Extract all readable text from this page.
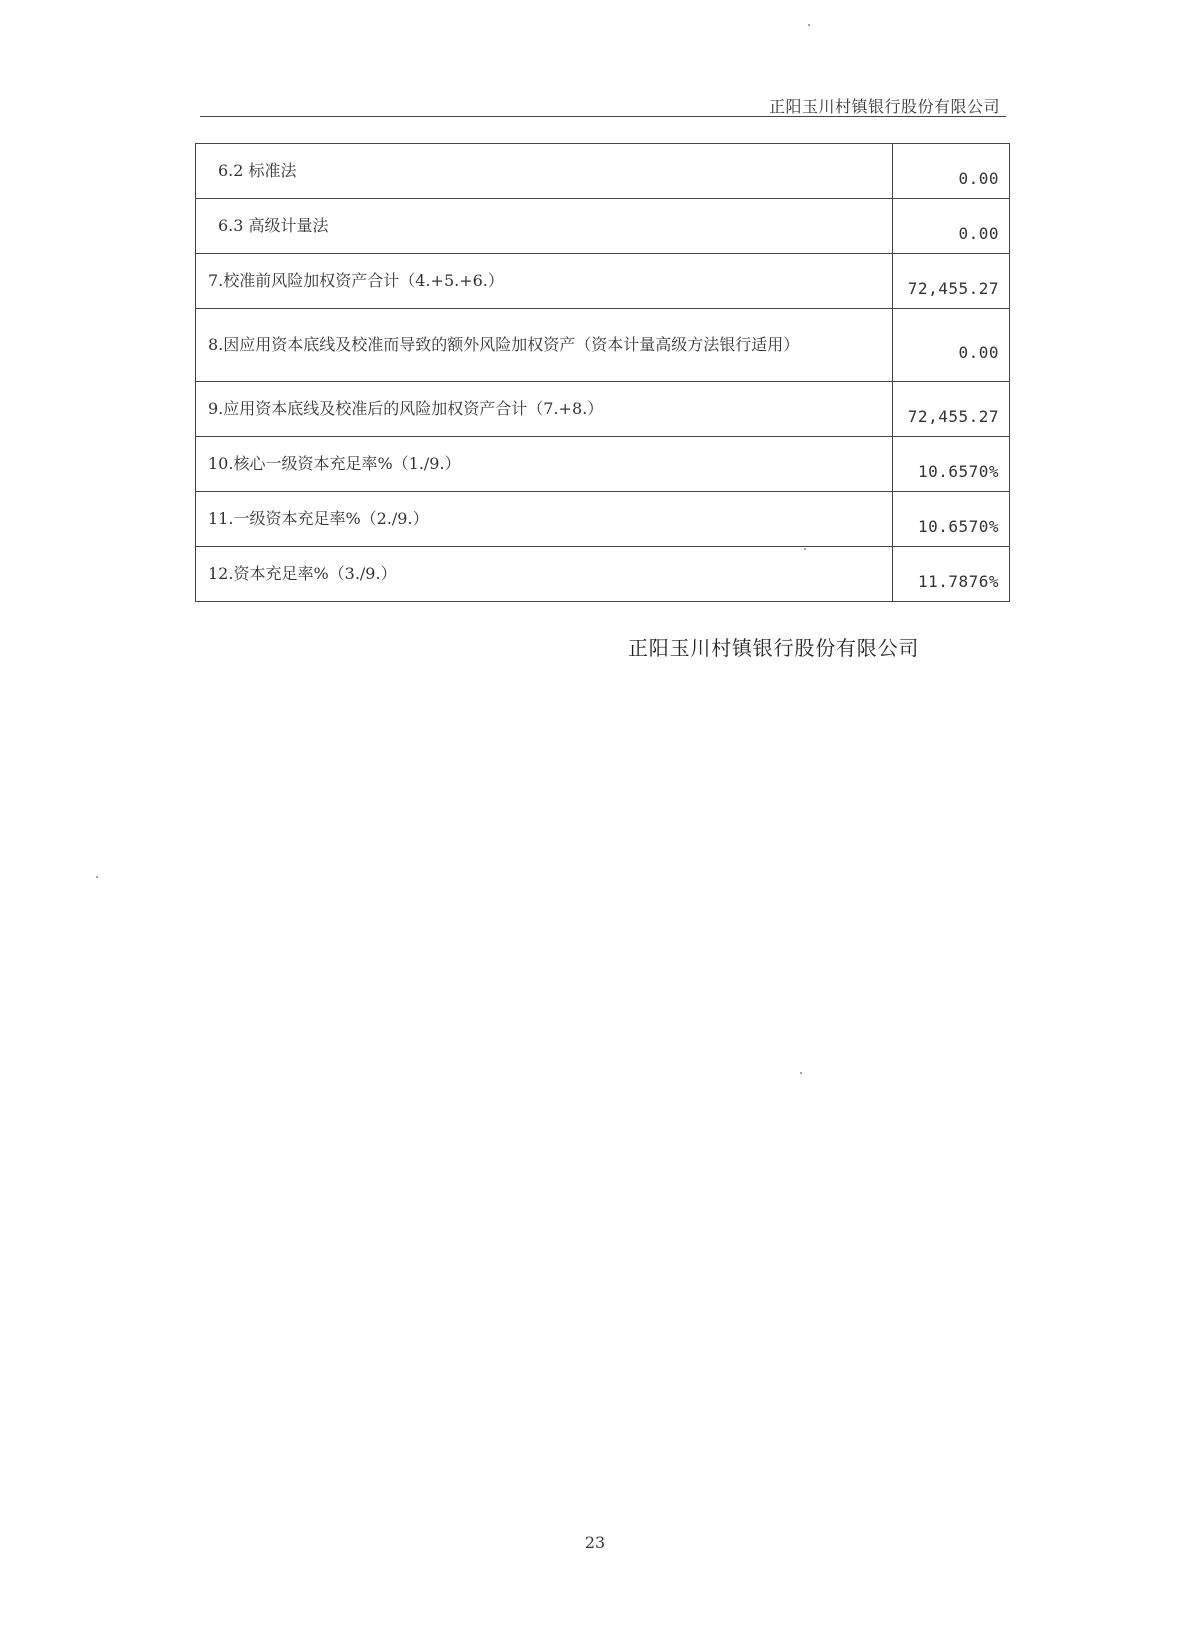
正阳玉川村镇银行股份有限公司
6.2 标准法	0.00
6.3 高级计量法	0.00
7.校准前风险加权资产合计（4.+5.+6.）	72,455.27
8.因应用资本底线及校准而导致的额外风险加权资产（资本计量高级方法银行适用）	0.00
9.应用资本底线及校准后的风险加权资产合计（7.+8.）	72,455.27
10.核心一级资本充足率%（1./9.）	10.6570%
11.一级资本充足率%（2./9.）	10.6570%
12.资本充足率%（3./9.）	11.7876%
正阳玉川村镇银行股份有限公司
23
